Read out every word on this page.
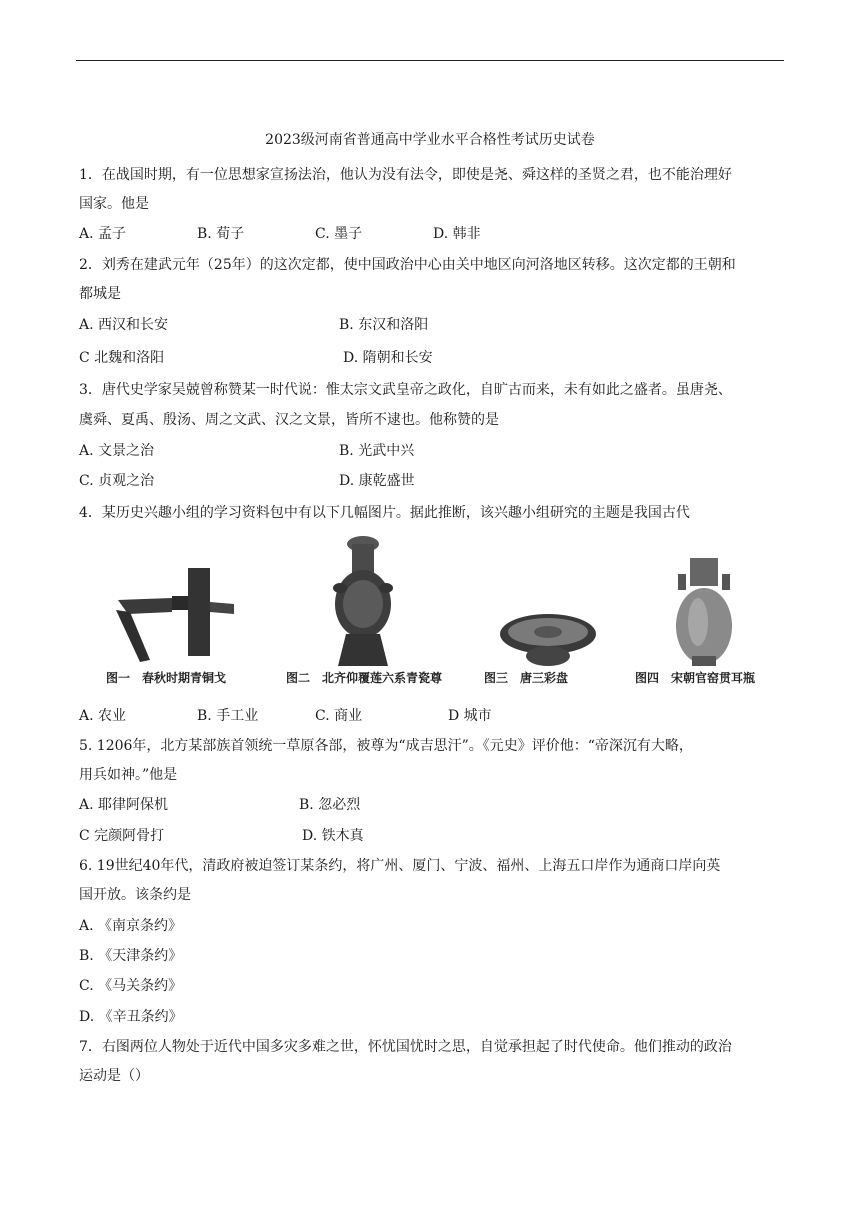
2023级河南省普通高中学业水平合格性考试历史试卷
1．在战国时期，有一位思想家宣扬法治，他认为没有法令，即使是尧、舜这样的圣贤之君，也不能治理好
国家。他是
A. 孟子	B. 荀子	C. 墨子	D. 韩非
2．刘秀在建武元年（25年）的这次定都，使中国政治中心由关中地区向河洛地区转移。这次定都的王朝和
都城是
A. 西汉和长安	B. 东汉和洛阳
C 北魏和洛阳	D. 隋朝和长安
3．唐代史学家吴兢曾称赞某一时代说：惟太宗文武皇帝之政化，自旷古而来，未有如此之盛者。虽唐尧、
虞舜、夏禹、殷汤、周之文武、汉之文景，皆所不逮也。他称赞的是
A. 文景之治	B. 光武中兴
C. 贞观之治	D. 康乾盛世
4．某历史兴趣小组的学习资料包中有以下几幅图片。据此推断，该兴趣小组研究的主题是我国古代
图一　春秋时期青铜戈	图二　北齐仰覆莲六系青瓷尊	图三　唐三彩盘	图四　宋朝官窑贯耳瓶
A. 农业	B. 手工业	C. 商业	D 城市
5. 1206年，北方某部族首领统一草原各部，被尊为“成吉思汗”。《元史》评价他：“帝深沉有大略，
用兵如神。”他是
A. 耶律阿保机	B. 忽必烈
C 完颜阿骨打	D. 铁木真
6. 19世纪40年代，清政府被迫签订某条约，将广州、厦门、宁波、福州、上海五口岸作为通商口岸向英
国开放。该条约是
A. 《南京条约》
B. 《天津条约》
C. 《马关条约》
D. 《辛丑条约》
7．右图两位人物处于近代中国多灾多难之世，怀忧国忧时之思，自觉承担起了时代使命。他们推动的政治
运动是（）
